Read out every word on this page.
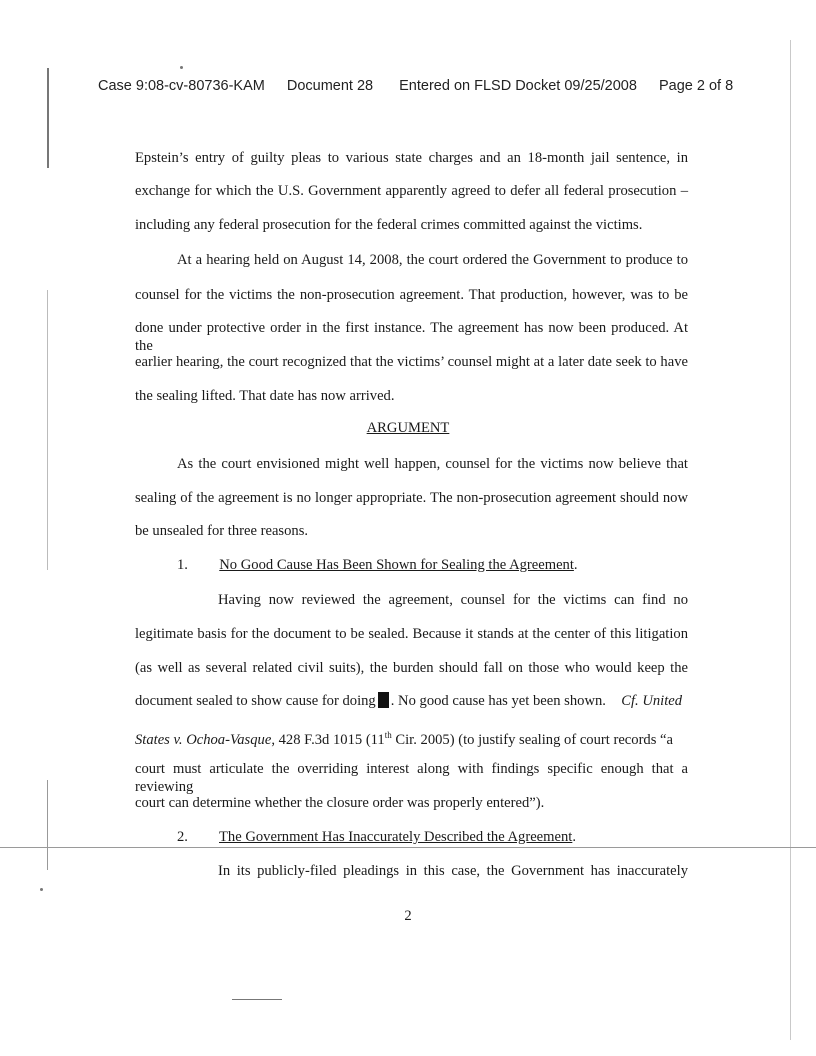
Case 9:08-cv-80736-KAM Document 28 Entered on FLSD Docket 09/25/2008 Page 2 of 8
Epstein’s entry of guilty pleas to various state charges and an 18-month jail sentence, in
exchange for which the U.S. Government apparently agreed to defer all federal prosecution –
including any federal prosecution for the federal crimes committed against the victims.
At a hearing held on August 14, 2008, the court ordered the Government to produce to
counsel for the victims the non-prosecution agreement. That production, however, was to be
done under protective order in the first instance. The agreement has now been produced. At the
earlier hearing, the court recognized that the victims’ counsel might at a later date seek to have
the sealing lifted. That date has now arrived.
ARGUMENT
As the court envisioned might well happen, counsel for the victims now believe that
sealing of the agreement is no longer appropriate. The non-prosecution agreement should now
be unsealed for three reasons.
1. No Good Cause Has Been Shown for Sealing the Agreement.
Having now reviewed the agreement, counsel for the victims can find no
legitimate basis for the document to be sealed. Because it stands at the center of this litigation
(as well as several related civil suits), the burden should fall on those who would keep the
document sealed to show cause for doing . No good cause has yet been shown. Cf. United
States v. Ochoa-Vasque, 428 F.3d 1015 (11th Cir. 2005) (to justify sealing of court records “a
court must articulate the overriding interest along with findings specific enough that a reviewing
court can determine whether the closure order was properly entered”).
2. The Government Has Inaccurately Described the Agreement.
In its publicly-filed pleadings in this case, the Government has inaccurately
2
